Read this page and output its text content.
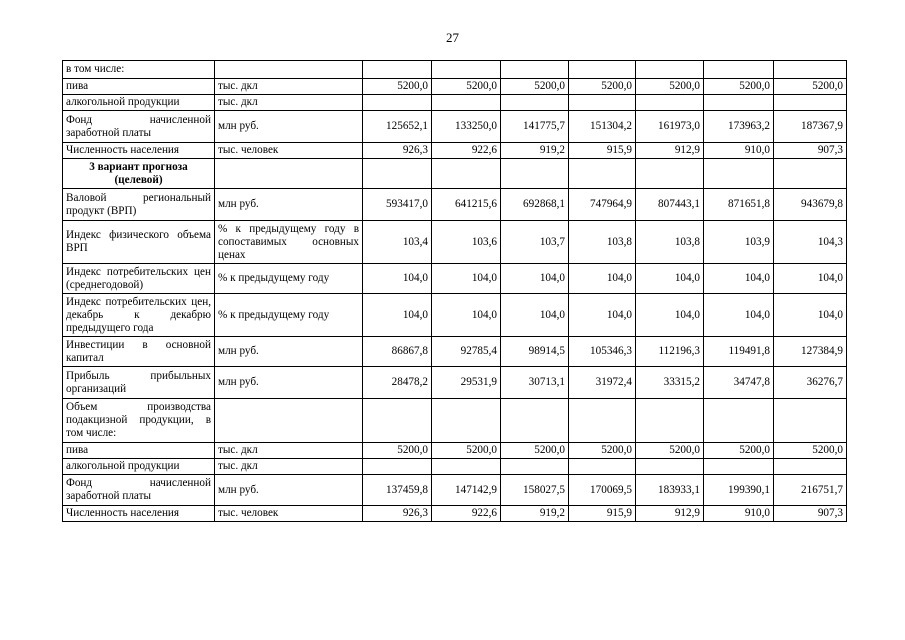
27
в том числе:								
пива	тыс. дкл	5200,0	5200,0	5200,0	5200,0	5200,0	5200,0	5200,0
алкогольной продукции	тыс. дкл							
Фонд начисленной заработной платы	млн руб.	125652,1	133250,0	141775,7	151304,2	161973,0	173963,2	187367,9
Численность населения	тыс. человек	926,3	922,6	919,2	915,9	912,9	910,0	907,3
3 вариант прогноза (целевой)								
Валовой региональный продукт (ВРП)	млн руб.	593417,0	641215,6	692868,1	747964,9	807443,1	871651,8	943679,8
Индекс физического объема ВРП	% к предыдущему году в сопоставимых основных ценах	103,4	103,6	103,7	103,8	103,8	103,9	104,3
Индекс потребительских цен (среднегодовой)	% к предыдущему году	104,0	104,0	104,0	104,0	104,0	104,0	104,0
Индекс потребительских цен, декабрь к декабрю предыдущего года	% к предыдущему году	104,0	104,0	104,0	104,0	104,0	104,0	104,0
Инвестиции в основной капитал	млн руб.	86867,8	92785,4	98914,5	105346,3	112196,3	119491,8	127384,9
Прибыль прибыльных организаций	млн руб.	28478,2	29531,9	30713,1	31972,4	33315,2	34747,8	36276,7
Объем производства подакцизной продукции, в том числе:								
пива	тыс. дкл	5200,0	5200,0	5200,0	5200,0	5200,0	5200,0	5200,0
алкогольной продукции	тыс. дкл							
Фонд начисленной заработной платы	млн руб.	137459,8	147142,9	158027,5	170069,5	183933,1	199390,1	216751,7
Численность населения	тыс. человек	926,3	922,6	919,2	915,9	912,9	910,0	907,3
